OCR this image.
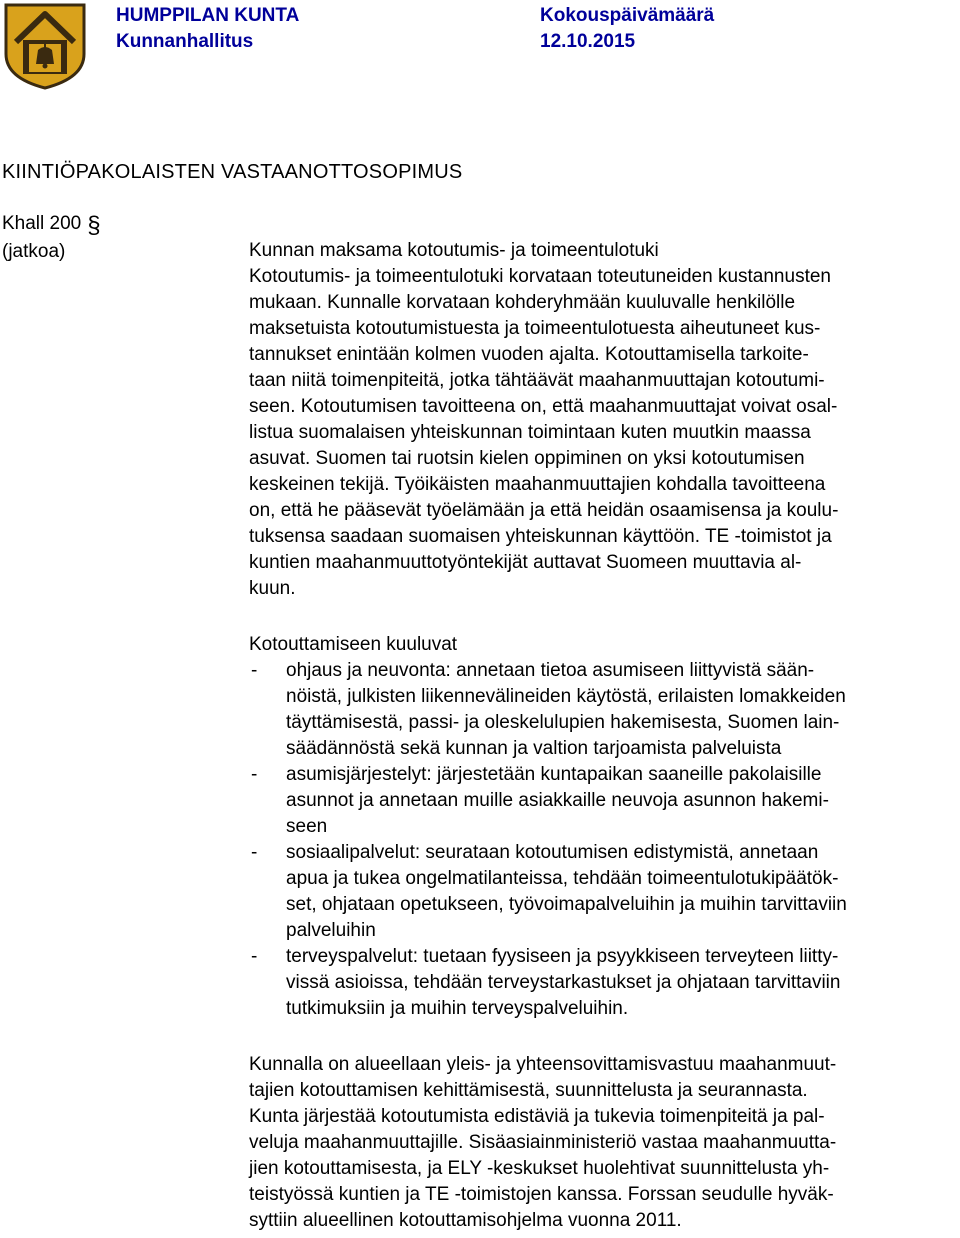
HUMPPILAN KUNTA
Kunnanhallitus
Kokouspäivämäärä
12.10.2015
KIINTIÖPAKOLAISTEN VASTAANOTTOSOPIMUS
Khall 200 §
(jatkoa)	Kunnan maksama kotoutumis- ja toimeentulotuki
Kotoutumis- ja toimeentulotuki korvataan toteutuneiden kustannusten
mukaan. Kunnalle korvataan kohderyhmään kuuluvalle henkilölle
maksetuista kotoutumistuesta ja toimeentulotuesta aiheutuneet kus-
tannukset enintään kolmen vuoden ajalta. Kotouttamisella tarkoite-
taan niitä toimenpiteitä, jotka tähtäävät maahanmuuttajan kotoutumi-
seen. Kotoutumisen tavoitteena on, että maahanmuuttajat voivat osal-
listua suomalaisen yhteiskunnan toimintaan kuten muutkin maassa
asuvat. Suomen tai ruotsin kielen oppiminen on yksi kotoutumisen
keskeinen tekijä. Työikäisten maahanmuuttajien kohdalla tavoitteena
on, että he pääsevät työelämään ja että heidän osaamisensa ja koulu-
tuksensa saadaan suomaisen yhteiskunnan käyttöön. TE -toimistot ja
kuntien maahanmuuttotyöntekijät auttavat Suomeen muuttavia al-
kuun.
Kotouttamiseen kuuluvat
- ohjaus ja neuvonta: annetaan tietoa asumiseen liittyvistä sään-
nöistä, julkisten liikennevälineiden käytöstä, erilaisten lomakkeiden
täyttämisestä, passi- ja oleskelulupien hakemisesta, Suomen lain-
säädännöstä sekä kunnan ja valtion tarjoamista palveluista
- asumisjärjestelyt: järjestetään kuntapaikan saaneille pakolaisille
asunnot ja annetaan muille asiakkaille neuvoja asunnon hakemi-
seen
- sosiaalipalvelut: seurataan kotoutumisen edistymistä, annetaan
apua ja tukea ongelmatilanteissa, tehdään toimeentulotukipäätök-
set, ohjataan opetukseen, työvoimapalveluihin ja muihin tarvittaviin
palveluihin
- terveyspalvelut: tuetaan fyysiseen ja psyykkiseen terveyteen liitty-
vissä asioissa, tehdään terveystarkastukset ja ohjataan tarvittaviin
tutkimuksiin ja muihin terveyspalveluihin.
Kunnalla on alueellaan yleis- ja yhteensovittamisvastuu maahanmuut-
tajien kotouttamisen kehittämisestä, suunnittelusta ja seurannasta.
Kunta järjestää kotoutumista edistäviä ja tukevia toimenpiteitä ja pal-
veluja maahanmuuttajille. Sisäasiainministeriö vastaa maahanmuutta-
jien kotouttamisesta, ja ELY -keskukset huolehtivat suunnittelusta yh-
teistyössä kuntien ja TE -toimistojen kanssa. Forssan seudulle hyväk-
syttiin alueellinen kotouttamisohjelma vuonna 2011.
